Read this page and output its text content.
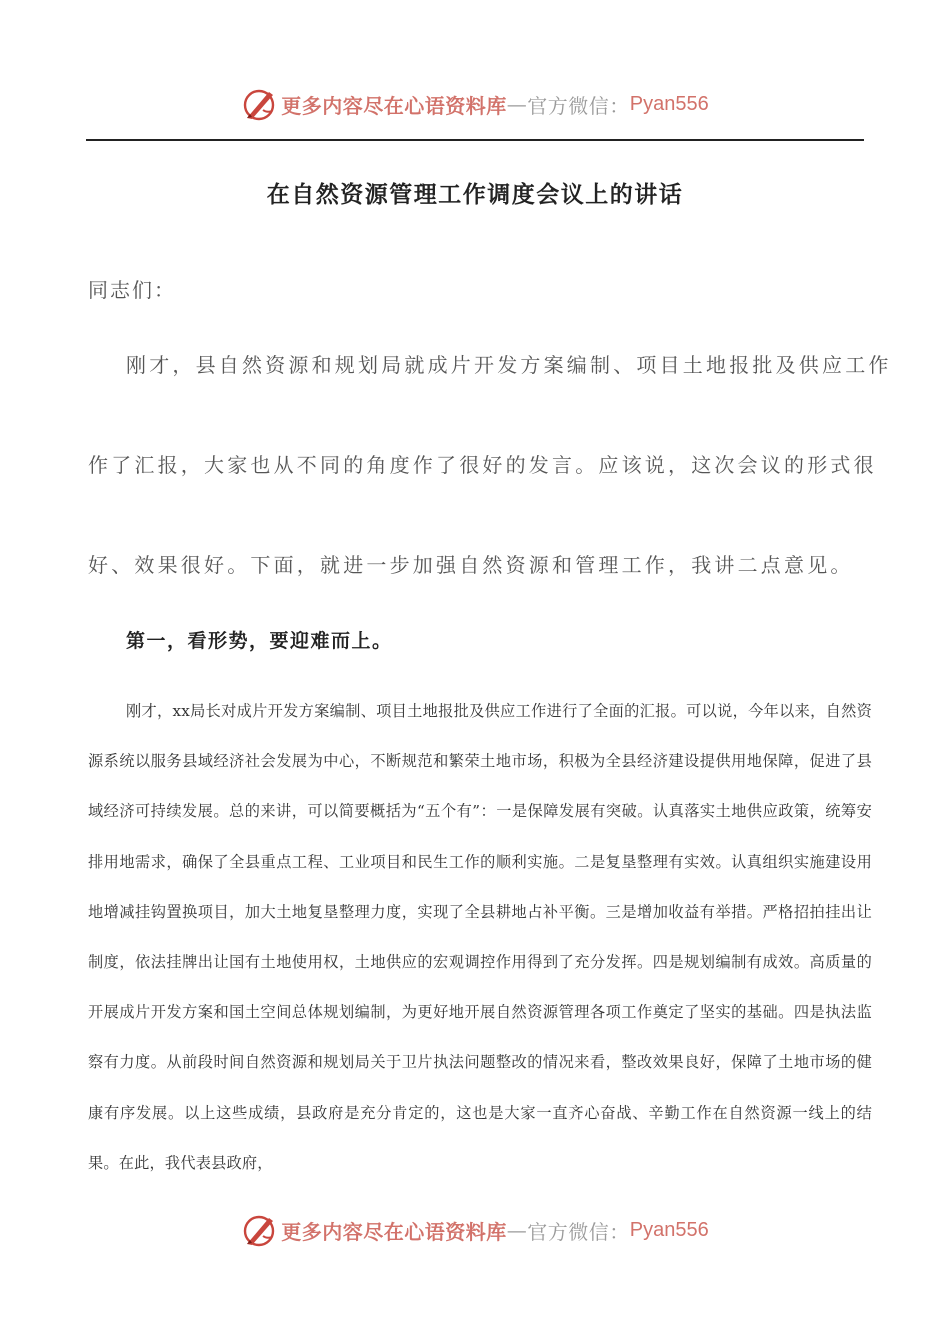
更多内容尽在心语资料库 — 官方微信： Pyan556
在自然资源管理工作调度会议上的讲话
同志们：
刚才，县自然资源和规划局就成片开发方案编制、项目土地报批及供应工作
作了汇报，大家也从不同的角度作了很好的发言。应该说，这次会议的形式很
好、效果很好。下面，就进一步加强自然资源和管理工作，我讲二点意见。
第一，看形势，要迎难而上。
刚才，xx局长对成片开发方案编制、项目土地报批及供应工作进行了全面的汇报。可以说，今年以来，自然资源系统以服务县域经济社会发展为中心，不断规范和繁荣土地市场，积极为全县经济建设提供用地保障，促进了县域经济可持续发展。总的来讲，可以简要概括为“五个有”：一是保障发展有突破。认真落实土地供应政策，统筹安排用地需求，确保了全县重点工程、工业项目和民生工作的顺利实施。二是复垦整理有实效。认真组织实施建设用地增减挂钩置换项目，加大土地复垦整理力度，实现了全县耕地占补平衡。三是增加收益有举措。严格招拍挂出让制度，依法挂牌出让国有土地使用权，土地供应的宏观调控作用得到了充分发挥。四是规划编制有成效。高质量的开展成片开发方案和国土空间总体规划编制，为更好地开展自然资源管理各项工作奠定了坚实的基础。四是执法监察有力度。从前段时间自然资源和规划局关于卫片执法问题整改的情况来看，整改效果良好，保障了土地市场的健康有序发展。以上这些成绩，县政府是充分肯定的，这也是大家一直齐心奋战、辛勤工作在自然资源一线上的结果。在此，我代表县政府，
更多内容尽在心语资料库 — 官方微信： Pyan556
